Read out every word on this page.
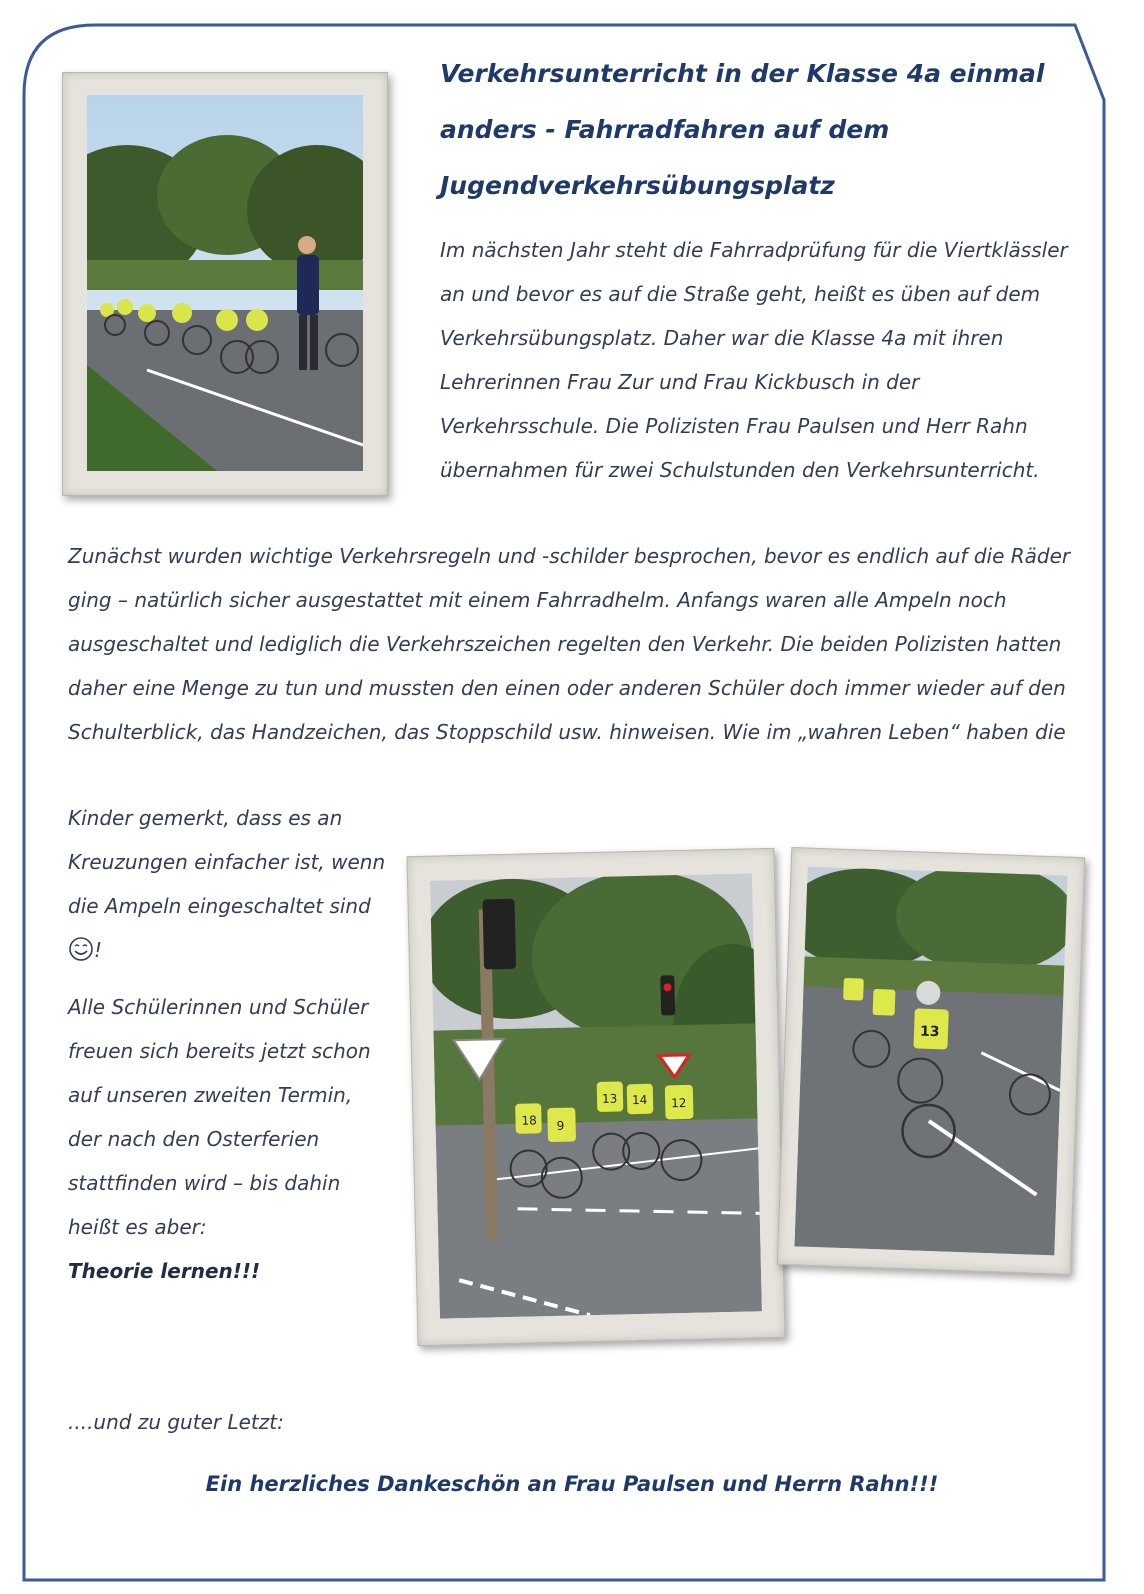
Verkehrsunterricht in der Klasse 4a einmal anders - Fahrradfahren auf dem Jugendverkehrsübungsplatz

Im nächsten Jahr steht die Fahrradprüfung für die Viertklässler an und bevor es auf die Straße geht, heißt es üben auf dem Verkehrsübungsplatz. Daher war die Klasse 4a mit ihren Lehrerinnen Frau Zur und Frau Kickbusch in der Verkehrsschule. Die Polizisten Frau Paulsen und Herr Rahn übernahmen für zwei Schulstunden den Verkehrsunterricht.

Zunächst wurden wichtige Verkehrsregeln und -schilder besprochen, bevor es endlich auf die Räder ging – natürlich sicher ausgestattet mit einem Fahrradhelm. Anfangs waren alle Ampeln noch ausgeschaltet und lediglich die Verkehrszeichen regelten den Verkehr. Die beiden Polizisten hatten daher eine Menge zu tun und mussten den einen oder anderen Schüler doch immer wieder auf den Schulterblick, das Handzeichen, das Stoppschild usw. hinweisen. Wie im „wahren Leben“ haben die

Kinder gemerkt, dass es an Kreuzungen einfacher ist, wenn die Ampeln eingeschaltet sind !

Alle Schülerinnen und Schüler freuen sich bereits jetzt schon auf unseren zweiten Termin, der nach den Osterferien stattfinden wird – bis dahin heißt es aber:
Theorie lernen!!!

18 9
13 14 12
13
....und zu guter Letzt:
Ein herzliches Dankeschön an Frau Paulsen und Herrn Rahn!!!
